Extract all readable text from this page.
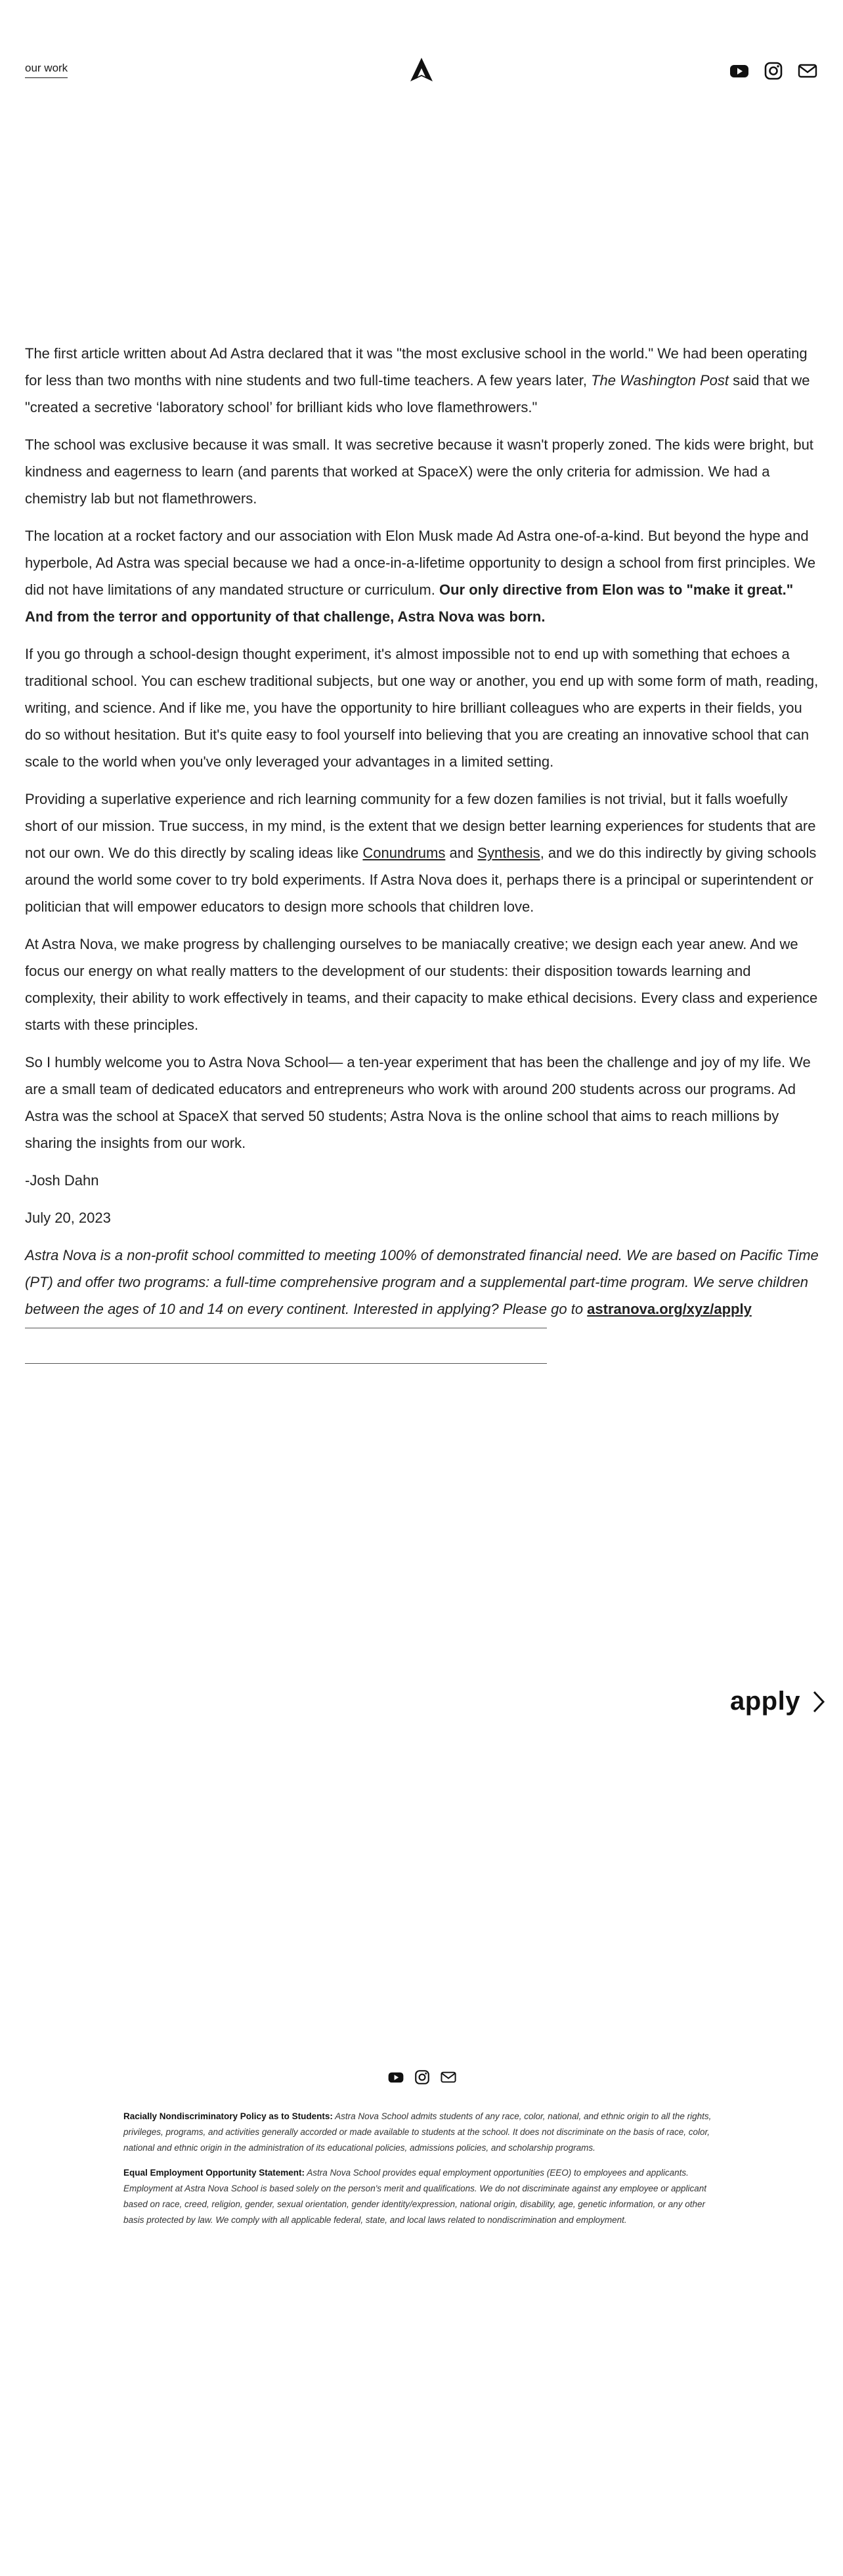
our work

The first article written about Ad Astra declared that it was "the most exclusive school in the world." We had been operating for less than two months with nine students and two full-time teachers. A few years later, The Washington Post said that we "created a secretive ‘laboratory school’ for brilliant kids who love flamethrowers."

The school was exclusive because it was small. It was secretive because it wasn't properly zoned. The kids were bright, but kindness and eagerness to learn (and parents that worked at SpaceX) were the only criteria for admission. We had a chemistry lab but not flamethrowers.

The location at a rocket factory and our association with Elon Musk made Ad Astra one-of-a-kind. But beyond the hype and hyperbole, Ad Astra was special because we had a once-in-a-lifetime opportunity to design a school from first principles. We did not have limitations of any mandated structure or curriculum. Our only directive from Elon was to "make it great." And from the terror and opportunity of that challenge, Astra Nova was born.

If you go through a school-design thought experiment, it's almost impossible not to end up with something that echoes a traditional school. You can eschew traditional subjects, but one way or another, you end up with some form of math, reading, writing, and science. And if like me, you have the opportunity to hire brilliant colleagues who are experts in their fields, you do so without hesitation. But it's quite easy to fool yourself into believing that you are creating an innovative school that can scale to the world when you've only leveraged your advantages in a limited setting.

Providing a superlative experience and rich learning community for a few dozen families is not trivial, but it falls woefully short of our mission. True success, in my mind, is the extent that we design better learning experiences for students that are not our own. We do this directly by scaling ideas like Conundrums and Synthesis, and we do this indirectly by giving schools around the world some cover to try bold experiments. If Astra Nova does it, perhaps there is a principal or superintendent or politician that will empower educators to design more schools that children love.

At Astra Nova, we make progress by challenging ourselves to be maniacally creative; we design each year anew. And we focus our energy on what really matters to the development of our students: their disposition towards learning and complexity, their ability to work effectively in teams, and their capacity to make ethical decisions. Every class and experience starts with these principles.

So I humbly welcome you to Astra Nova School— a ten-year experiment that has been the challenge and joy of my life. We are a small team of dedicated educators and entrepreneurs who work with around 200 students across our programs. Ad Astra was the school at SpaceX that served 50 students; Astra Nova is the online school that aims to reach millions by sharing the insights from our work.

-Josh Dahn

July 20, 2023

Astra Nova is a non-profit school committed to meeting 100% of demonstrated financial need. We are based on Pacific Time (PT) and offer two programs: a full-time comprehensive program and a supplemental part-time program. We serve children between the ages of 10 and 14 on every continent. Interested in applying? Please go to astranova.org/xyz/apply

apply

Racially Nondiscriminatory Policy as to Students: Astra Nova School admits students of any race, color, national, and ethnic origin to all the rights, privileges, programs, and activities generally accorded or made available to students at the school. It does not discriminate on the basis of race, color, national and ethnic origin in the administration of its educational policies, admissions policies, and scholarship programs.

Equal Employment Opportunity Statement: Astra Nova School provides equal employment opportunities (EEO) to employees and applicants. Employment at Astra Nova School is based solely on the person's merit and qualifications. We do not discriminate against any employee or applicant based on race, creed, religion, gender, sexual orientation, gender identity/expression, national origin, disability, age, genetic information, or any other basis protected by law. We comply with all applicable federal, state, and local laws related to nondiscrimination and employment.
